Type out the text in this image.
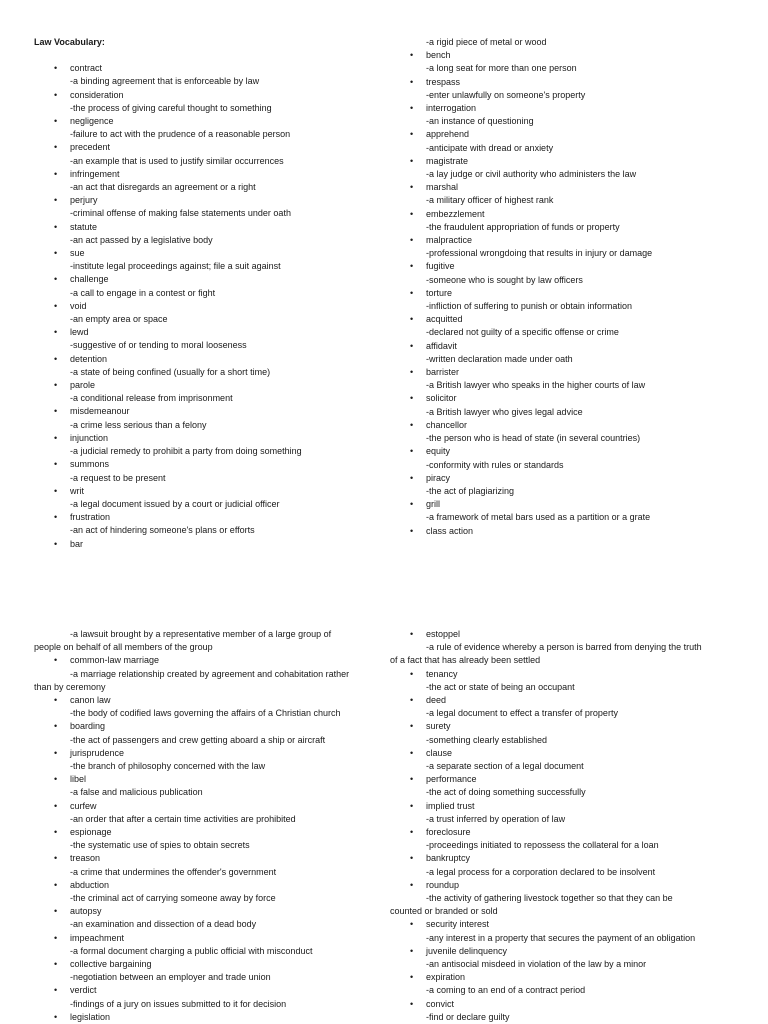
Law Vocabulary:
• contract
-a binding agreement that is enforceable by law
• consideration
-the process of giving careful thought to something
• negligence
-failure to act with the prudence of a reasonable person
• precedent
-an example that is used to justify similar occurrences
• infringement
-an act that disregards an agreement or a right
• perjury
-criminal offense of making false statements under oath
• statute
-an act passed by a legislative body
• sue
-institute legal proceedings against; file a suit against
• challenge
-a call to engage in a contest or fight
• void
-an empty area or space
• lewd
-suggestive of or tending to moral looseness
• detention
-a state of being confined (usually for a short time)
• parole
-a conditional release from imprisonment
• misdemeanour
-a crime less serious than a felony
• injunction
-a judicial remedy to prohibit a party from doing something
• summons
-a request to be present
• writ
-a legal document issued by a court or judicial officer
• frustration
-an act of hindering someone's plans or efforts
• bar
-a rigid piece of metal or wood
• bench
-a long seat for more than one person
• trespass
-enter unlawfully on someone's property
• interrogation
-an instance of questioning
• apprehend
-anticipate with dread or anxiety
• magistrate
-a lay judge or civil authority who administers the law
• marshal
-a military officer of highest rank
• embezzlement
-the fraudulent appropriation of funds or property
• malpractice
-professional wrongdoing that results in injury or damage
• fugitive
-someone who is sought by law officers
• torture
-infliction of suffering to punish or obtain information
• acquitted
-declared not guilty of a specific offense or crime
• affidavit
-written declaration made under oath
• barrister
-a British lawyer who speaks in the higher courts of law
• solicitor
-a British lawyer who gives legal advice
• chancellor
-the person who is head of state (in several countries)
• equity
-conformity with rules or standards
• piracy
-the act of plagiarizing
• grill
-a framework of metal bars used as a partition or a grate
• class action
-a lawsuit brought by a representative member of a large group of
people on behalf of all members of the group
• common-law marriage
-a marriage relationship created by agreement and cohabitation rather
than by ceremony
• canon law
-the body of codified laws governing the affairs of a Christian church
• boarding
-the act of passengers and crew getting aboard a ship or aircraft
• jurisprudence
-the branch of philosophy concerned with the law
• libel
-a false and malicious publication
• curfew
-an order that after a certain time activities are prohibited
• espionage
-the systematic use of spies to obtain secrets
• treason
-a crime that undermines the offender's government
• abduction
-the criminal act of carrying someone away by force
• autopsy
-an examination and dissection of a dead body
• impeachment
-a formal document charging a public official with misconduct
• collective bargaining
-negotiation between an employer and trade union
• verdict
-findings of a jury on issues submitted to it for decision
• legislation
• estoppel
-a rule of evidence whereby a person is barred from denying the truth
of a fact that has already been settled
• tenancy
-the act or state of being an occupant
• deed
-a legal document to effect a transfer of property
• surety
-something clearly established
• clause
-a separate section of a legal document
• performance
-the act of doing something successfully
• implied trust
-a trust inferred by operation of law
• foreclosure
-proceedings initiated to repossess the collateral for a loan
• bankruptcy
-a legal process for a corporation declared to be insolvent
• roundup
-the activity of gathering livestock together so that they can be
counted or branded or sold
• security interest
-any interest in a property that secures the payment of an obligation
• juvenile delinquency
-an antisocial misdeed in violation of the law by a minor
• expiration
-a coming to an end of a contract period
• convict
-find or declare guilty
